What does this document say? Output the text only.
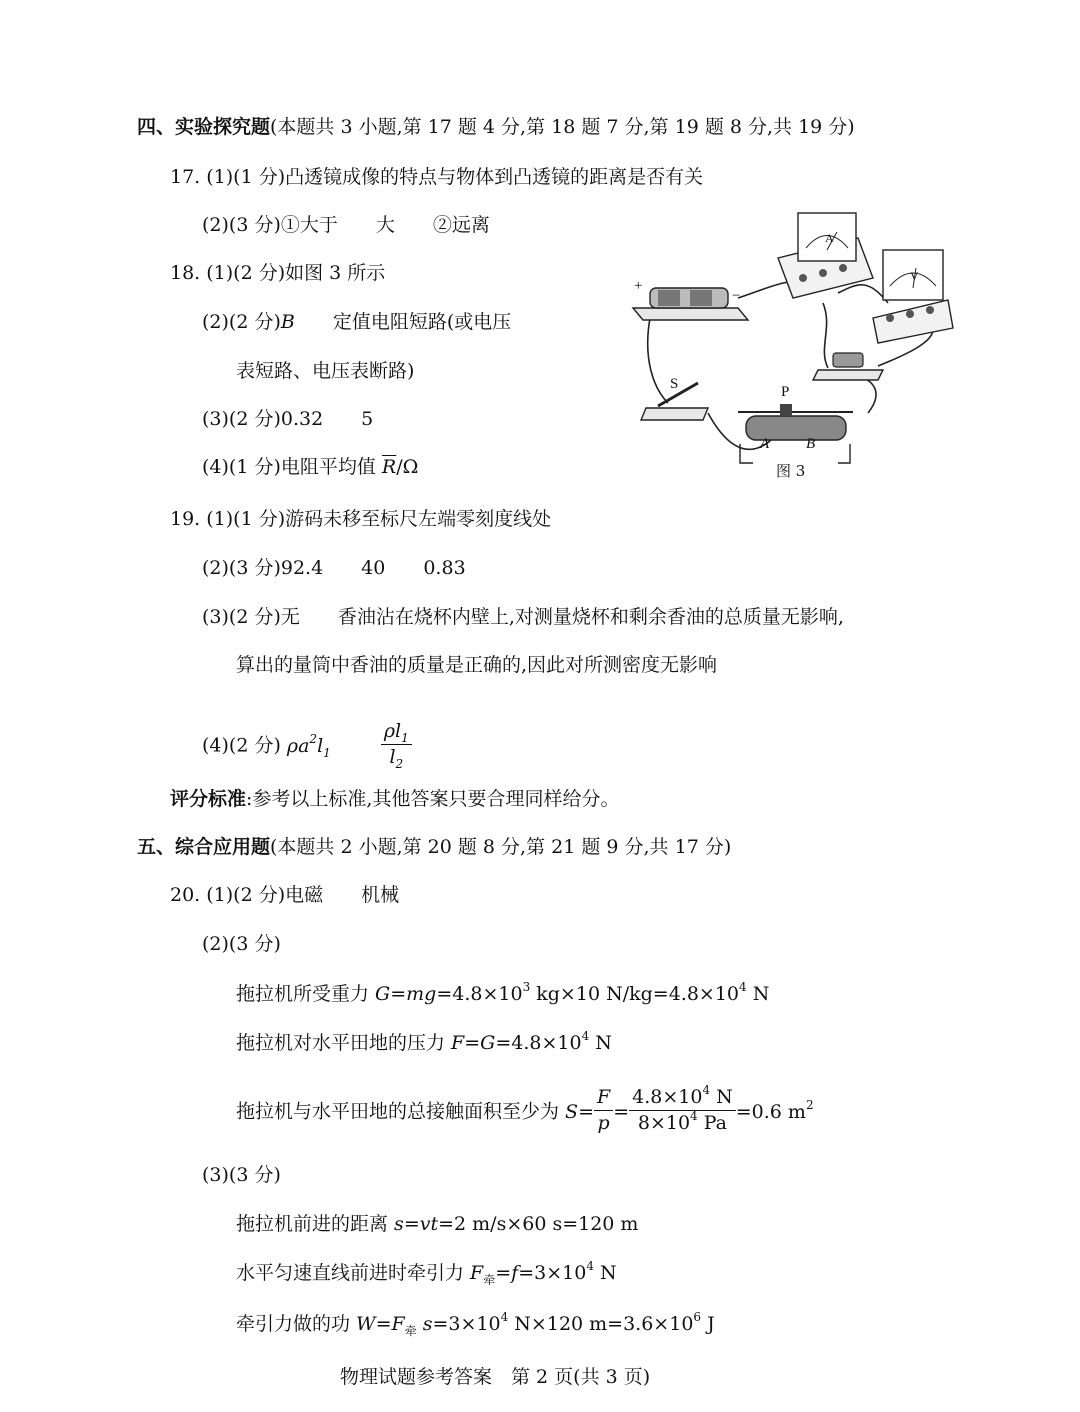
四、实验探究题(本题共 3 小题,第 17 题 4 分,第 18 题 7 分,第 19 题 8 分,共 19 分)
17. (1)(1 分)凸透镜成像的特点与物体到凸透镜的距离是否有关
(2)(3 分)①大于　　大　　②远离
18. (1)(2 分)如图 3 所示
(2)(2 分)B　　定值电阻短路(或电压
表短路、电压表断路)
(3)(2 分)0.32　　5
(4)(1 分)电阻平均值 $\overline{R}/\Omega$
+
−
A
V
S	P
A B
图 3
19. (1)(1 分)游码未移至标尺左端零刻度线处
(2)(3 分)92.4　　40　　0.83
(3)(2 分)无　　香油沾在烧杯内壁上,对测量烧杯和剩余香油的总质量无影响,
算出的量筒中香油的质量是正确的,因此对所测密度无影响
(4)(2 分) $\rho a^2l_1$	$\frac{\rho l_1}{l_2}$
评分标准:参考以上标准,其他答案只要合理同样给分。
五、综合应用题(本题共 2 小题,第 20 题 8 分,第 21 题 9 分,共 17 分)
20. (1)(2 分)电磁　　机械
(2)(3 分)
拖拉机所受重力 $G=mg=4.8\times 10^3$ kg×10 $N/kg=4.8\times 10^4$ N
拖拉机对水平田地的压力 $F=G=4.8\times 10^4$ N
拖拉机与水平田地的总接触面积至少为 $S= \frac{F}{p} = \frac{4.8\times 10^4 N}{8\times 10^4 Pa} =0.6$ $m^2$
(3)(3 分)
拖拉机前进的距离 s=vt=2 m/s×60 s=120 m
水平匀速直线前进时牵引力 $F_牵=f=3\times 10^4$ N
牵引力做的功 $W=F_牵$ $s=3\times 10^4$ N×120 $m=3.6\times 10^6$ J
物理试题参考答案　第 2 页(共 3 页)
